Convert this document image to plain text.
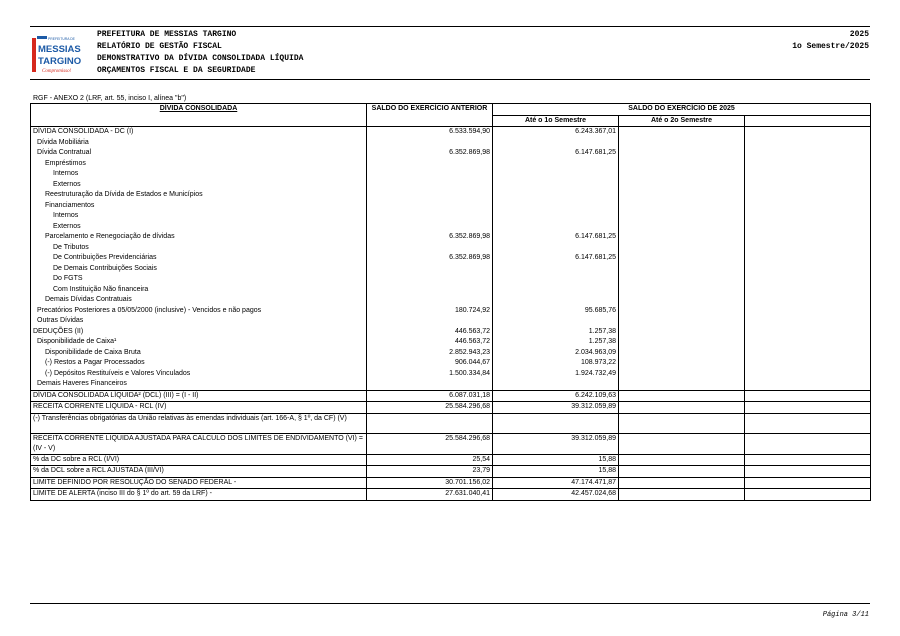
PREFEITURA DE
MESSIAS
TARGINO
Compromisso!
PREFEITURA DE MESSIAS TARGINO
RELATÓRIO DE GESTÃO FISCAL
DEMONSTRATIVO DA DÍVIDA CONSOLIDADA LÍQUIDA
ORÇAMENTOS FISCAL E DA SEGURIDADE
2025
1o Semestre/2025
RGF - ANEXO 2 (LRF, art. 55, inciso I, alínea "b")
DÍVIDA CONSOLIDADA	SALDO DO EXERCÍCIO ANTERIOR	SALDO DO EXERCÍCIO DE 2025		
		Até o 1o Semestre	Até o 2o Semestre	
DÍVIDA CONSOLIDADA - DC (I)	6.533.594,90	6.243.367,01		
Dívida Mobiliária				
Dívida Contratual	6.352.869,98	6.147.681,25		
Empréstimos				
Internos				
Externos				
Reestruturação da Dívida de Estados e Municípios				
Financiamentos				
Internos				
Externos				
Parcelamento e Renegociação de dívidas	6.352.869,98	6.147.681,25		
De Tributos				
De Contribuições Previdenciárias	6.352.869,98	6.147.681,25		
De Demais Contribuições Sociais				
Do FGTS				
Com Instituição Não financeira				
Demais Dívidas Contratuais				
Precatórios Posteriores a 05/05/2000 (inclusive) - Vencidos e não pagos	180.724,92	95.685,76		
Outras Dívidas				
DEDUÇÕES (II)	446.563,72	1.257,38		
Disponibilidade de Caixa¹	446.563,72	1.257,38		
Disponibilidade de Caixa Bruta	2.852.943,23	2.034.963,09		
(-) Restos a Pagar Processados	906.044,67	108.973,22		
(-) Depósitos Restituíveis e Valores Vinculados	1.500.334,84	1.924.732,49		
Demais Haveres Financeiros				
DÍVIDA CONSOLIDADA LÍQUIDA² (DCL) (III) = (I - II)	6.087.031,18	6.242.109,63		
RECEITA CORRENTE LÍQUIDA - RCL (IV)	25.584.296,68	39.312.059,89		
(-) Transferências obrigatórias da União relativas às emendas individuais (art. 166-A, § 1º, da CF) (V)				
RECEITA CORRENTE LIQUIDA AJUSTADA PARA CALCULO DOS LIMITES DE ENDIVIDAMENTO (VI) = (IV - V)	25.584.296,68	39.312.059,89		
% da DC sobre a RCL (I/VI)	25,54	15,88		
% da DCL sobre a RCL AJUSTADA (III/VI)	23,79	15,88		
LIMITE DEFINIDO POR RESOLUÇÃO DO SENADO FEDERAL -	30.701.156,02	47.174.471,87		
LIMITE DE ALERTA (inciso III do § 1º do art. 59 da LRF) -	27.631.040,41	42.457.024,68		
Página 3/11
